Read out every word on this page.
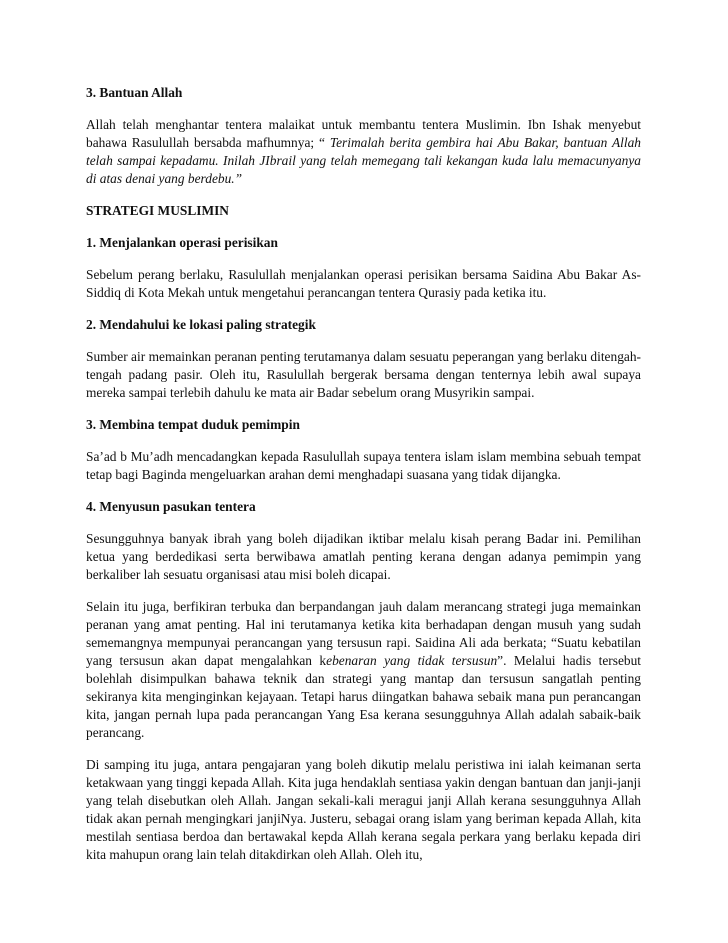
3. Bantuan Allah

Allah telah menghantar tentera malaikat untuk membantu tentera Muslimin. Ibn Ishak menyebut bahawa Rasulullah bersabda mafhumnya; “ Terimalah berita gembira hai Abu Bakar, bantuan Allah telah sampai kepadamu. Inilah JIbrail yang telah memegang tali kekangan kuda lalu memacunyanya di atas denai yang berdebu.”

STRATEGI MUSLIMIN
1. Menjalankan operasi perisikan

Sebelum perang berlaku, Rasulullah menjalankan operasi perisikan bersama Saidina Abu Bakar As-Siddiq di Kota Mekah untuk mengetahui perancangan tentera Qurasiy pada ketika itu.

2. Mendahului ke lokasi paling strategik

Sumber air memainkan peranan penting terutamanya dalam sesuatu peperangan yang berlaku ditengah-tengah padang pasir. Oleh itu, Rasulullah bergerak bersama dengan tenternya lebih awal supaya mereka sampai terlebih dahulu ke mata air Badar sebelum orang Musyrikin sampai.

3. Membina tempat duduk pemimpin

Sa’ad b Mu’adh mencadangkan kepada Rasulullah supaya tentera islam islam membina sebuah tempat tetap bagi Baginda mengeluarkan arahan demi menghadapi suasana yang tidak dijangka.

4. Menyusun pasukan tentera

Sesungguhnya banyak ibrah yang boleh dijadikan iktibar melalu kisah perang Badar ini. Pemilihan ketua yang berdedikasi serta berwibawa amatlah penting kerana dengan adanya pemimpin yang berkaliber lah sesuatu organisasi atau misi boleh dicapai.

Selain itu juga, berfikiran terbuka dan berpandangan jauh dalam merancang strategi juga memainkan peranan yang amat penting. Hal ini terutamanya ketika kita berhadapan dengan musuh yang sudah sememangnya mempunyai perancangan yang tersusun rapi. Saidina Ali ada berkata; “Suatu kebatilan yang tersusun akan dapat mengalahkan kebenaran yang tidak tersusun”. Melalui hadis tersebut bolehlah disimpulkan bahawa teknik dan strategi yang mantap dan tersusun sangatlah penting sekiranya kita menginginkan kejayaan. Tetapi harus diingatkan bahawa sebaik mana pun perancangan kita, jangan pernah lupa pada perancangan Yang Esa kerana sesungguhnya Allah adalah sabaik-baik perancang.

Di samping itu juga, antara pengajaran yang boleh dikutip melalu peristiwa ini ialah keimanan serta ketakwaan yang tinggi kepada Allah. Kita juga hendaklah sentiasa yakin dengan bantuan dan janji-janji yang telah disebutkan oleh Allah. Jangan sekali-kali meragui janji Allah kerana sesungguhnya Allah tidak akan pernah mengingkari janjiNya. Justeru, sebagai orang islam yang beriman kepada Allah, kita mestilah sentiasa berdoa dan bertawakal kepda Allah kerana segala perkara yang berlaku kepada diri kita mahupun orang lain telah ditakdirkan oleh Allah. Oleh itu,
